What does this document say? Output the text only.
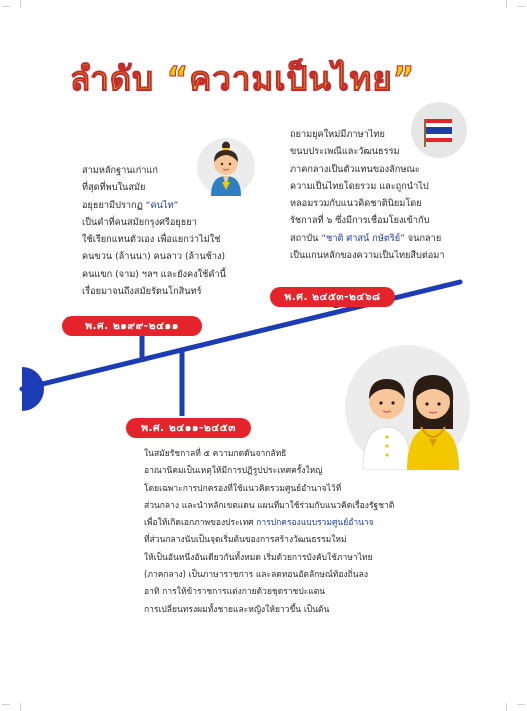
ลำดับ “ความเป็นไทย”
สามหลักฐานเก่าแก่
ที่สุดที่พบในสมัย
อยุธยามีปรากฏ “คนไท”
เป็นคำที่คนสมัยกรุงศรีอยุธยา
ใช้เรียกแทนตัวเอง เพื่อแยกว่าไม่ใช่
คนขวน (ล้านนา) คนลาว (ล้านช้าง)
คนแขก (จาม) ฯลฯ และยังคงใช้คำนี้
เรื่อยมาจนถึงสมัยรัตนโกสินทร์
พ.ศ. ๒๑๙๙-๒๔๑๑
ถยามยุคใหม่มีภาษาไทย
ขนบประเพณีและวัฒนธรรม
ภาคกลางเป็นตัวแทนของลักษณะ
ความเป็นไทยโดยรวม และถูกนำไป
หลอมรวมกับแนวคิดชาตินิยมโดย
รัชกาลที่ ๖ ซึ่งมีการเชื่อมโยงเข้ากับ
สถาบัน “ชาติ ศาสน์ กษัตริย์” จนกลาย
เป็นแกนหลักของความเป็นไทยสืบต่อมา
พ.ศ. ๒๔๕๓-๒๔๖๘
พ.ศ. ๒๔๑๑-๒๔๕๓
ในสมัยรัชกาลที่ ๕ ความกดดันจากลัทธิ
อาณานิคมเป็นเหตุให้มีการปฏิรูปประเทศครั้งใหญ่
โดยเฉพาะการปกครองที่ใช้แนวคิดรวมศูนย์อำนาจไว้ที่
ส่วนกลาง และนำหลักเขตแดน แผนที่มาใช้ร่วมกับแนวคิดเรื่องรัฐชาติ
เพื่อให้เกิดเอกภาพของประเทศ การปกครองแบบรวมศูนย์อำนาจ
ที่ส่วนกลางนับเป็นจุดเริ่มต้นของการสร้างวัฒนธรรมใหม่
ให้เป็นอันหนึ่งอันเดียวกันทั้งหมด เริ่มด้วยการบังคับใช้ภาษาไทย
(ภาคกลาง) เป็นภาษาราชการ และลดทอนอัตลักษณ์ท้องถิ่นลง
อาทิ การให้ข้าราชการแต่งกายด้วยชุดราชปะแตน
การเปลี่ยนทรงผมทั้งชายและหญิงให้ยาวขึ้น เป็นต้น
